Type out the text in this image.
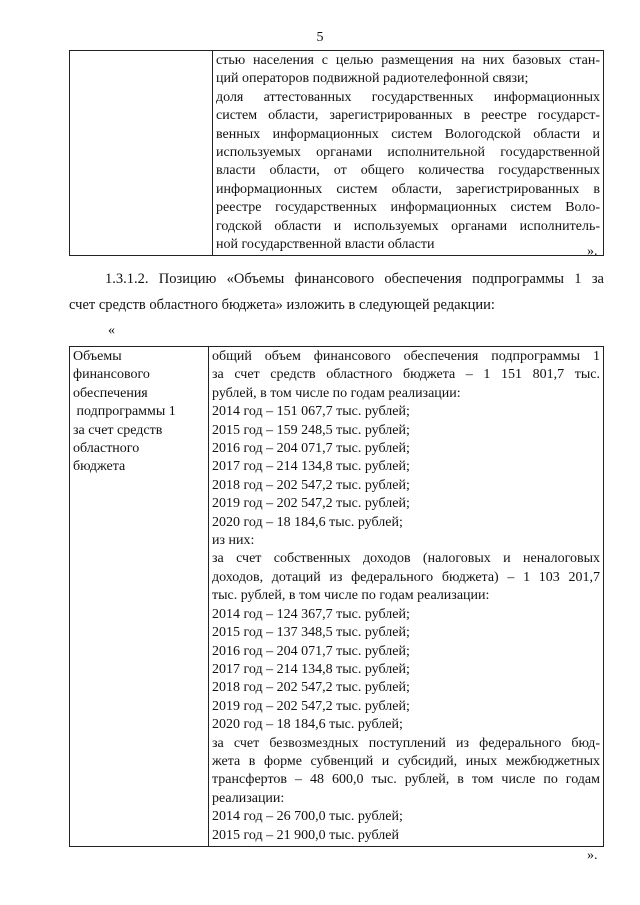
5

стью населения с целью размещения на них базовых стан-
ций операторов подвижной радиотелефонной связи;
доля аттестованных государственных информационных
систем области, зарегистрированных в реестре государст-
венных информационных систем Вологодской области и
используемых органами исполнительной государственной
власти области, от общего количества государственных
информационных систем области, зарегистрированных в
реестре государственных информационных систем Воло-
годской области и используемых органами исполнитель-
ной государственной власти области	».
1.3.1.2. Позицию «Объемы финансового обеспечения подпрограммы 1 за
счет средств областного бюджета» изложить в следующей редакции:
«
Объемы
финансового
обеспечения
подпрограммы 1
за счет средств
областного
бюджета

общий объем финансового обеспечения подпрограммы 1
за счет средств областного бюджета – 1 151 801,7 тыс.
рублей, в том числе по годам реализации:
2014 год – 151 067,7 тыс. рублей;
2015 год – 159 248,5 тыс. рублей;
2016 год – 204 071,7 тыс. рублей;
2017 год – 214 134,8 тыс. рублей;
2018 год – 202 547,2 тыс. рублей;
2019 год – 202 547,2 тыс. рублей;
2020 год – 18 184,6 тыс. рублей;
из них:
за счет собственных доходов (налоговых и неналоговых
доходов, дотаций из федерального бюджета) – 1 103 201,7
тыс. рублей, в том числе по годам реализации:
2014 год – 124 367,7 тыс. рублей;
2015 год – 137 348,5 тыс. рублей;
2016 год – 204 071,7 тыс. рублей;
2017 год – 214 134,8 тыс. рублей;
2018 год – 202 547,2 тыс. рублей;
2019 год – 202 547,2 тыс. рублей;
2020 год – 18 184,6 тыс. рублей;
за счет безвозмездных поступлений из федерального бюд-
жета в форме субвенций и субсидий, иных межбюджетных
трансфертов – 48 600,0 тыс. рублей, в том числе по годам
реализации:
2014 год – 26 700,0 тыс. рублей;
2015 год – 21 900,0 тыс. рублей
».
